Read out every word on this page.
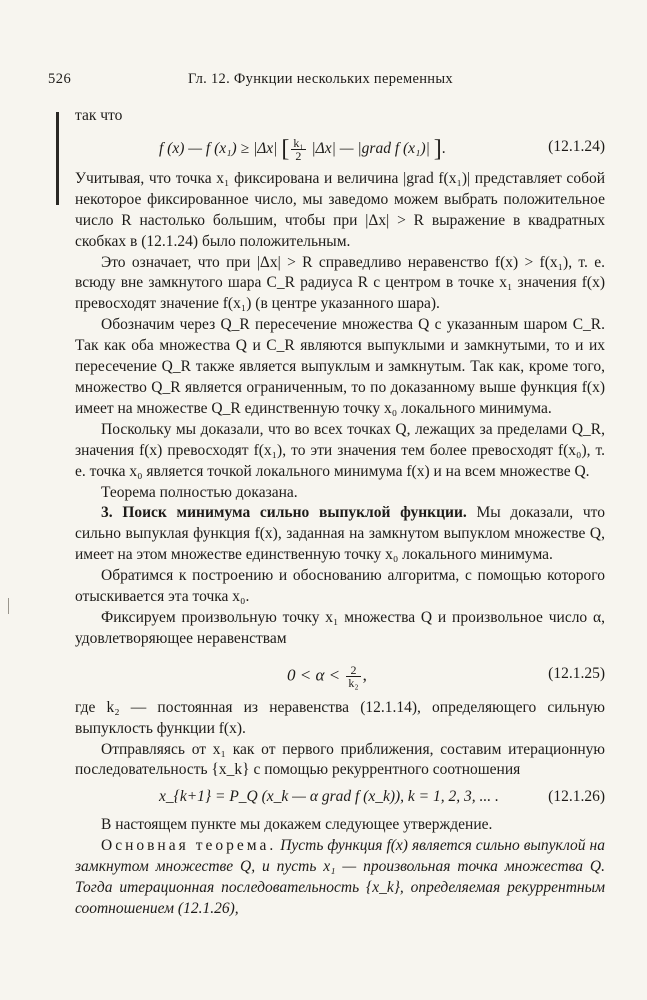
526	Гл. 12. Функции нескольких переменных

так что

f (x) — f (x₁) ≥ |Δx| [ $\frac{\text{k₁}}{2} |\Delta x|$ — |grad f (x₁)| ].	(12.1.24)

Учитывая, что точка x₁ фиксирована и величина |grad f(x₁)| представляет собой некоторое фиксированное число, мы заведомо можем выбрать положительное число R настолько большим, чтобы при |Δx| > R выражение в квадратных скобках в (12.1.24) было положительным.

Это означает, что при |Δx| > R справедливо неравенство f(x) > f(x₁), т. е. всюду вне замкнутого шара C_R радиуса R с центром в точке x₁ значения f(x) превосходят значение f(x₁) (в центре указанного шара).

Обозначим через Q_R пересечение множества Q с указанным шаром C_R. Так как оба множества Q и C_R являются выпуклыми и замкнутыми, то и их пересечение Q_R также является выпуклым и замкнутым. Так как, кроме того, множество Q_R является ограниченным, то по доказанному выше функция f(x) имеет на множестве Q_R единственную точку x₀ локального минимума.

Поскольку мы доказали, что во всех точках Q, лежащих за пределами Q_R, значения f(x) превосходят f(x₁), то эти значения тем более превосходят f(x₀), т. е. точка x₀ является точкой локального минимума f(x) и на всем множестве Q.

Теорема полностью доказана.

3. Поиск минимума сильно выпуклой функции. Мы доказали, что сильно выпуклая функция f(x), заданная на замкнутом выпуклом множестве Q, имеет на этом множестве единственную точку x₀ локального минимума.

Обратимся к построению и обоснованию алгоритма, с помощью которого отыскивается эта точка x₀.

Фиксируем произвольную точку x₁ множества Q и произвольное число α, удовлетворяющее неравенствам

$0 < \alpha < \frac{2}{\text{k₂}}$ ,	(12.1.25)

где k₂ — постоянная из неравенства (12.1.14), определяющего сильную выпуклость функции f(x).

Отправляясь от x₁ как от первого приближения, составим итерационную последовательность {x_k} с помощью рекуррентного соотношения

x_{k+1} = P_Q (x_k — α grad f (x_k)), k = 1, 2, 3, ... .	(12.1.26)

В настоящем пункте мы докажем следующее утверждение.

Основная теорема. Пусть функция f(x) является сильно выпуклой на замкнутом множестве Q, и пусть x₁ — произвольная точка множества Q. Тогда итерационная последовательность {x_k}, определяемая рекуррентным соотношением (12.1.26),
